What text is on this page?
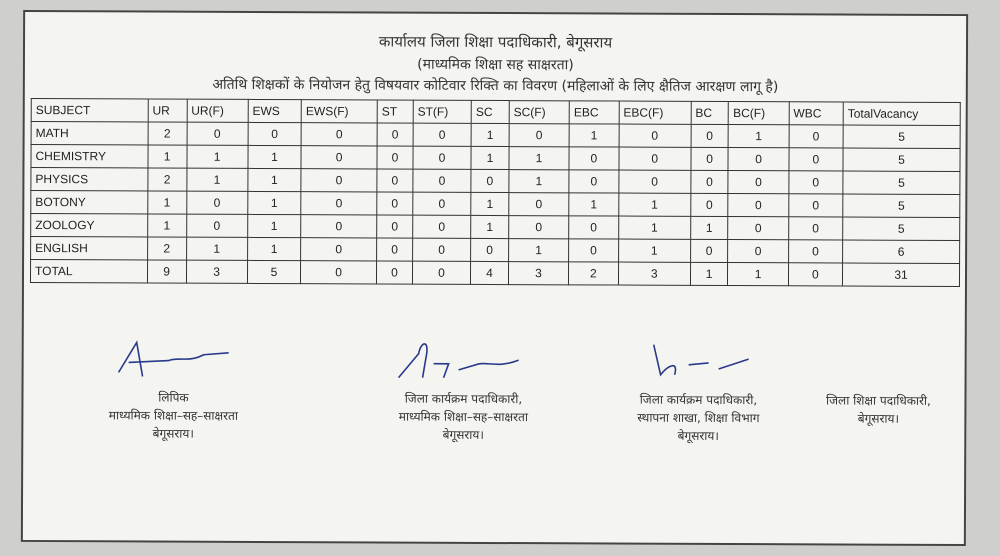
कार्यालय जिला शिक्षा पदाधिकारी, बेगूसराय
(माध्यमिक शिक्षा सह साक्षरता)
अतिथि शिक्षकों के नियोजन हेतु विषयवार कोटिवार रिक्ति का विवरण (महिलाओं के लिए क्षैतिज आरक्षण लागू है)
SUBJECT	UR	UR(F)	EWS	EWS(F)	ST	ST(F)	SC	SC(F)	EBC	EBC(F)	BC	BC(F)	WBC	TotalVacancy
MATH	2	0	0	0	0	0	1	0	1	0	0	1	0	5
CHEMISTRY	1	1	1	0	0	0	1	1	0	0	0	0	0	5
PHYSICS	2	1	1	0	0	0	0	1	0	0	0	0	0	5
BOTONY	1	0	1	0	0	0	1	0	1	1	0	0	0	5
ZOOLOGY	1	0	1	0	0	0	1	0	0	1	1	0	0	5
ENGLISH	2	1	1	0	0	0	0	1	0	1	0	0	0	6
TOTAL	9	3	5	0	0	0	4	3	2	3	1	1	0	31
लिपिक
माध्यमिक शिक्षा–सह–साक्षरता
बेगूसराय।
जिला कार्यक्रम पदाधिकारी,
माध्यमिक शिक्षा–सह–साक्षरता
बेगूसराय।
जिला कार्यक्रम पदाधिकारी,
स्थापना शाखा, शिक्षा विभाग
बेगूसराय।
जिला शिक्षा पदाधिकारी,
बेगूसराय।
